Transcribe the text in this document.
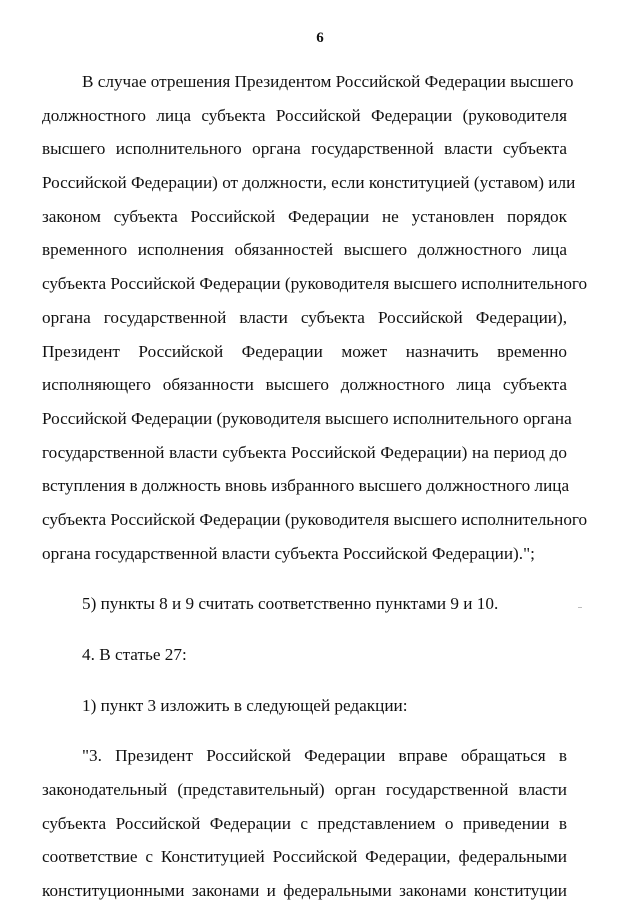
6
В случае отрешения Президентом Российской Федерации высшего
должностного лица субъекта Российской Федерации (руководителя
высшего исполнительного органа государственной власти субъекта
Российской Федерации) от должности, если конституцией (уставом) или
законом субъекта Российской Федерации не установлен порядок
временного исполнения обязанностей высшего должностного лица
субъекта Российской Федерации (руководителя высшего исполнительного
органа государственной власти субъекта Российской Федерации),
Президент Российской Федерации может назначить временно
исполняющего обязанности высшего должностного лица субъекта
Российской Федерации (руководителя высшего исполнительного органа
государственной власти субъекта Российской Федерации) на период до
вступления в должность вновь избранного высшего должностного лица
субъекта Российской Федерации (руководителя высшего исполнительного
органа государственной власти субъекта Российской Федерации).";
5) пункты 8 и 9 считать соответственно пунктами 9 и 10.
4. В статье 27:
1) пункт 3 изложить в следующей редакции:
"3. Президент Российской Федерации вправе обращаться в
законодательный (представительный) орган государственной власти
субъекта Российской Федерации с представлением о приведении в
соответствие с Конституцией Российской Федерации, федеральными
конституционными законами и федеральными законами конституции
